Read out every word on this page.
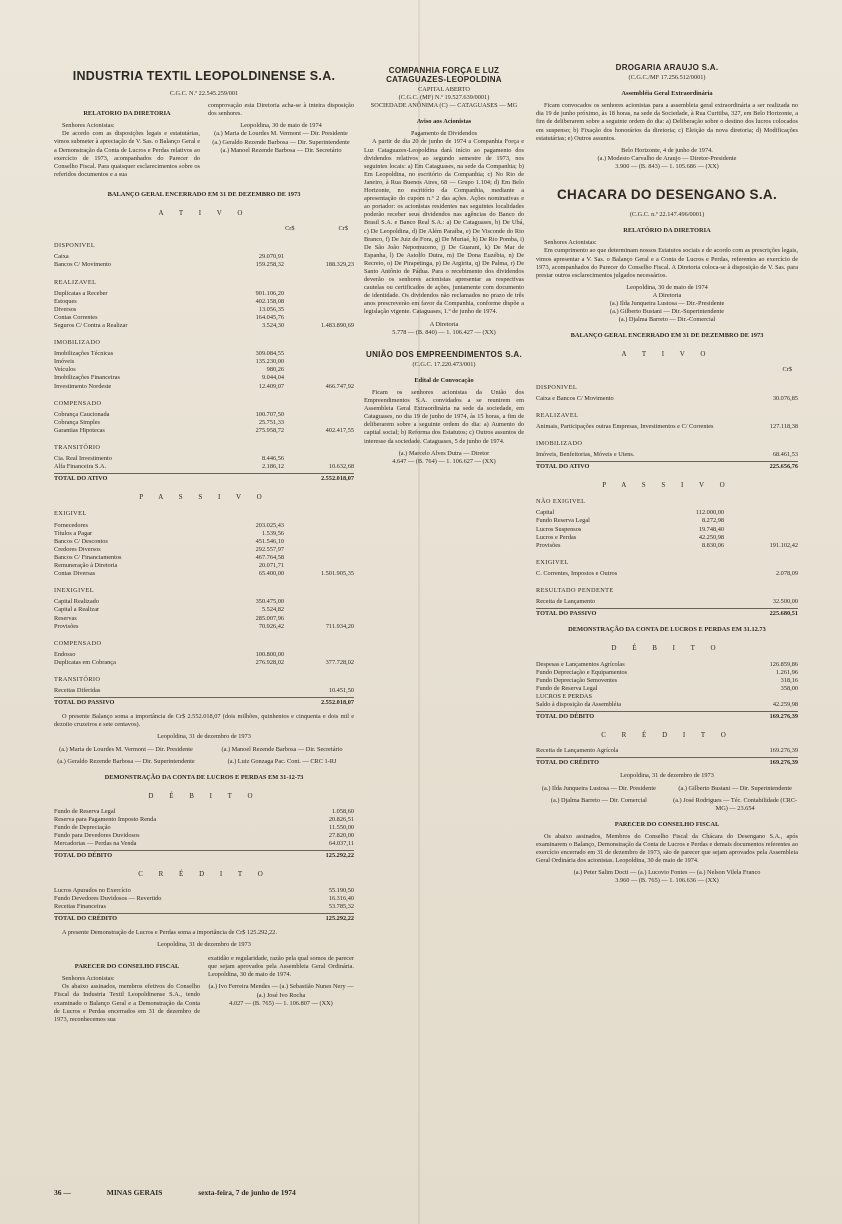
INDUSTRIA TEXTIL LEOPOLDINENSE S.A.
C.G.C. N.º 22.545.259/001
RELATORIO DA DIRETORIA
Senhores Acionistas:
De acordo com as disposições legais e estatutárias, vimos submeter à apreciação de V. Sas. o Balanço Geral e a Demonstração da Conta de Lucros e Perdas relativos ao exercício de 1973, acompanhados do Parecer do Conselho Fiscal. Para quaisquer esclarecimentos sobre os referidos documentos e a sua
comprovação esta Diretoria acha-se à inteira disposição dos senhores.
Leopoldina, 30 de maio de 1974
(a.) Maria de Lourdes M. Vermont — Dir. Presidente
(a.) Geraldo Rezende Barbosa — Dir. Superintendente
(a.) Manoel Rezende Barbosa — Dir. Secretário
BALANÇO GERAL ENCERRADO EM 31 DE DEZEMBRO DE 1973
A T I V O
Cr$	Cr$
DISPONIVEL
Caixa	29.070,91
Bancos C/ Movimento	159.258,32	188.329,23
REALIZAVEL
Duplicatas a Receber	901.106,20
Estoques	402.158,08
Diversos	13.056,35
Contas Correntes	164.045,76
Seguros C/ Contra a Realizar	3.524,30	1.483.890,69
IMOBILIZADO
Imobilizações Técnicas	309.084,55
Imóveis	135.230,00
Veículos	980,26
Imobilizações Financeiras	9.044,04
Investimento Nordeste	12.409,07	466.747,92
COMPENSADO
Cobrança Caucionada	100.707,50
Cobrança Simples	25.751,33
Garantias Hipotecas	275.958,72	402.417,55
TRANSITÓRIO
Cia. Real Investimento	8.446,56
Alfa Financeira S.A.	2.186,12	10.632,68
TOTAL DO ATIVO	2.552.018,07
P A S S I V O
EXIGIVEL
Fornecedores	203.025,43
Títulos a Pagar	1.539,56
Bancos C/ Descontos	451.546,10
Credores Diversos	292.557,97
Bancos C/ Financiamentos	467.764,58
Remuneração à Diretoria	20.071,71
Contas Diversas	65.400,00	1.501.905,35
INEXIGIVEL
Capital Realizado	350.475,00
Capital a Realizar	5.524,82
Reservas	285.007,96
Provisões	70.926,42	711.934,20
COMPENSADO
Endosso	100.800,00
Duplicatas em Cobrança	276.928,02	377.728,02
TRANSITÓRIO
Receitas Diferidas	10.451,50
TOTAL DO PASSIVO	2.552.018,07
O presente Balanço soma a importância de Cr$ 2.552.018,07 (dois milhões, quinhentos e cinquenta e dois mil e dezoito cruzeiros e sete centavos).
Leopoldina, 31 de dezembro de 1973
(a.) Maria de Lourdes M. Vermont — Dir. Presidente	(a.) Manoel Rezende Barbosa — Dir. Secretário
(a.) Geraldo Rezende Barbosa — Dir. Superintendente	(a.) Luiz Gonzaga Pac. Cont. — CRC 1-RJ
DEMONSTRAÇÃO DA CONTA DE LUCROS E PERDAS EM 31-12-73
D É B I T O
Fundo de Reserva Legal	1.058,60
Reserva para Pagamento Imposto Renda	20.826,51
Fundo de Depreciação	11.550,00
Fundo para Devedores Duvidosos	27.820,00
Mercadorias — Perdas na Venda	64.037,11
TOTAL DO DÉBITO	125.292,22
C R É D I T O
Lucros Apurados no Exercício	55.190,50
Fundo Devedores Duvidosos — Revertido	16.316,40
Receitas Financeiras	53.785,32
TOTAL DO CRÉDITO	125.292,22
A presente Demonstração de Lucros e Perdas soma a importância de Cr$ 125.292,22.
Leopoldina, 31 de dezembro de 1973
PARECER DO CONSELHO FISCAL
Senhores Acionistas:
Os abaixo assinados, membros efetivos do Conselho Fiscal da Industria Textil Leopoldinense S.A., tendo examinado o Balanço Geral e a Demonstração da Conta de Lucros e Perdas encerrados em 31 de dezembro de 1973, reconhecemos sua
exatidão e regularidade, razão pela qual somos de parecer que sejam aprovados pela Assembleia Geral Ordinária. Leopoldina, 30 de maio de 1974.
(a.) Ivo Ferreira Mendes — (a.) Sebastião Nunes Nery — (a.) José Ivo Rocha
4.027 — (B. 765) — 1. 106.807 — (XX)
COMPANHIA FORÇA E LUZ CATAGUAZES-LEOPOLDINA
CAPITAL ABERTO
(C.G.C. (MF) N.º 19.527.639/0001)
SOCIEDADE ANÔNIMA (C) — CATAGUASES — MG
Aviso aos Acionistas
Pagamento de Dividendos
A partir de dia 20 de junho de 1974 a Companhia Força e Luz Cataguazes-Leopoldina dará início ao pagamento dos dividendos relativos ao segundo semestre de 1973, nos seguintes locais: a) Em Cataguases, na sede da Companhia; b) Em Leopoldina, no escritório da Companhia; c) No Rio de Janeiro, à Rua Buenos Aires, 68 — Grupo 1.104; d) Em Belo Horizonte, no escritório da Companhia, mediante a apresentação do cupom n.º 2 das ações. Ações nominativas e ao portador: os acionistas residentes nas seguintes localidades poderão receber seus dividendos nas agências do Banco do Brasil S.A. e Banco Real S.A.: a) De Cataguases, b) De Ubá, c) De Leopoldina, d) De Além Paraíba, e) De Visconde do Rio Branco, f) De Juiz de Fora, g) De Muriaé, h) De Rio Pomba, i) De São João Nepomuceno, j) De Guarani, k) De Mar de Espanha, l) De Astolfo Dutra, m) De Dona Euzébia, n) De Recreio, o) De Pirapetinga, p) De Argirita, q) De Palma, r) De Santo Antônio de Pádua. Para o recebimento dos dividendos deverão os senhores acionistas apresentar as respectivas cautelas ou certificados de ações, juntamente com documento de identidade. Os dividendos não reclamados no prazo de três anos prescreverão em favor da Companhia, conforme dispõe a legislação vigente. Cataguases, 1.º de junho de 1974.
A Diretoria
5.778 — (B. 840) — 1. 106.427 — (XX)
UNIÃO DOS EMPREENDIMENTOS S.A.
(C.G.C. 17.220.473/001)
Edital de Convocação
Ficam os senhores acionistas da União dos Empreendimentos S.A. convidados a se reunirem em Assembleia Geral Extraordinária na sede da sociedade, em Cataguases, no dia 19 de junho de 1974, às 15 horas, a fim de deliberarem sobre a seguinte ordem do dia: a) Aumento do capital social; b) Reforma dos Estatutos; c) Outros assuntos de interesse da sociedade. Cataguases, 5 de junho de 1974.
(a.) Marcelo Alves Dutra — Diretor
4.647 — (B. 764) — 1. 106.627 — (XX)
DROGARIA ARAUJO S.A.
(C.G.C./MF 17.256.512/0001)
Assembléia Geral Extraordinária
Ficam convocados os senhores acionistas para a assembleia geral extraordinária a ser realizada no dia 19 de junho próximo, às 18 horas, na sede da Sociedade, à Rua Curitiba, 327, em Belo Horizonte, a fim de deliberarem sobre a seguinte ordem do dia: a) Deliberação sobre o destino dos lucros colocados em suspenso; b) Fixação dos honorários da diretoria; c) Eleição da nova diretoria; d) Modificações estatutárias; e) Outros assuntos.
Belo Horizonte, 4 de junho de 1974.
(a.) Modesto Carvalho de Araujo — Diretor-Presidente
3.900 — (B. 843) — 1. 105.686 — (XX)
CHACARA DO DESENGANO S.A.
(C.G.C. n.º 22.147.496/0001)
RELATÓRIO DA DIRETORIA
Senhores Acionistas:
Em cumprimento ao que determinam nossos Estatutos sociais e de acordo com as prescrições legais, vimos apresentar a V. Sas. o Balanço Geral e a Conta de Lucros e Perdas, referentes ao exercício de 1973, acompanhados do Parecer do Conselho Fiscal. A Diretoria coloca-se à disposição de V. Sas. para prestar outros esclarecimentos julgados necessários.
Leopoldina, 30 de maio de 1974
A Diretoria
(a.) Ilda Junqueira Lustosa — Dir.-Presidente
(a.) Gilberto Bustani — Dir.-Superintendente
(a.) Djalma Barreto — Dir.-Comercial
BALANÇO GERAL ENCERRADO EM 31 DE DEZEMBRO DE 1973
A T I V O
Cr$
DISPONIVEL
Caixa e Bancos C/ Movimento	30.076,85
REALIZAVEL
Animais, Participações outras Empresas, Investimentos e C/ Correntes	127.118,38
IMOBILIZADO
Imóveis, Benfeitorias, Móveis e Utens.	68.461,53
TOTAL DO ATIVO	225.656,76
P A S S I V O
NÃO EXIGIVEL
Capital	112.000,00
Fundo Reserva Legal	8.272,98
Lucros Suspensos	19.748,40
Lucros e Perdas	42.250,98
Provisões	8.830,06	191.102,42
EXIGIVEL
C. Correntes, Impostos e Outros	2.078,09
RESULTADO PENDENTE
Receita de Lançamento	32.500,00
TOTAL DO PASSIVO	225.680,51
DEMONSTRAÇÃO DA CONTA DE LUCROS E PERDAS EM 31.12.73
D É B I T O
Despesas e Lançamentos Agrícolas	126.859,86
Fundo Depreciação e Equipamentos	1.261,96
Fundo Depreciação Semoventes	318,16
Fundo de Reserva Legal	358,00
LUCROS E PERDAS
Saldo à disposição da Assembléia	42.259,98
TOTAL DO DÉBITO	169.276,39
C R É D I T O
Receita de Lançamento Agrícola	169.276,39
TOTAL DO CRÉDITO	169.276,39
Leopoldina, 31 de dezembro de 1973
(a.) Ilda Junqueira Lustosa — Dir. Presidente	(a.) Gilberto Bustani — Dir. Superintendente
(a.) Djalma Barreto — Dir. Comercial	(a.) José Rodrigues — Téc. Contabilidade (CRC-MG) — 23.654
PARECER DO CONSELHO FISCAL
Os abaixo assinados, Membros do Conselho Fiscal da Chácara do Desengano S.A., após examinarem o Balanço, Demonstração da Conta de Lucros e Perdas e demais documentos referentes ao exercício encerrado em 31 de dezembro de 1973, são de parecer que sejam aprovados pela Assembleia Geral Ordinária dos acionistas. Leopoldina, 30 de maio de 1974.
(a.) Peter Salim Docti — (a.) Lucovio Fontes — (a.) Nelson Vilela Franco
3.960 — (B. 765) — 1. 106.636 — (XX)
36 —	MINAS GERAIS	sexta-feira, 7 de junho de 1974
